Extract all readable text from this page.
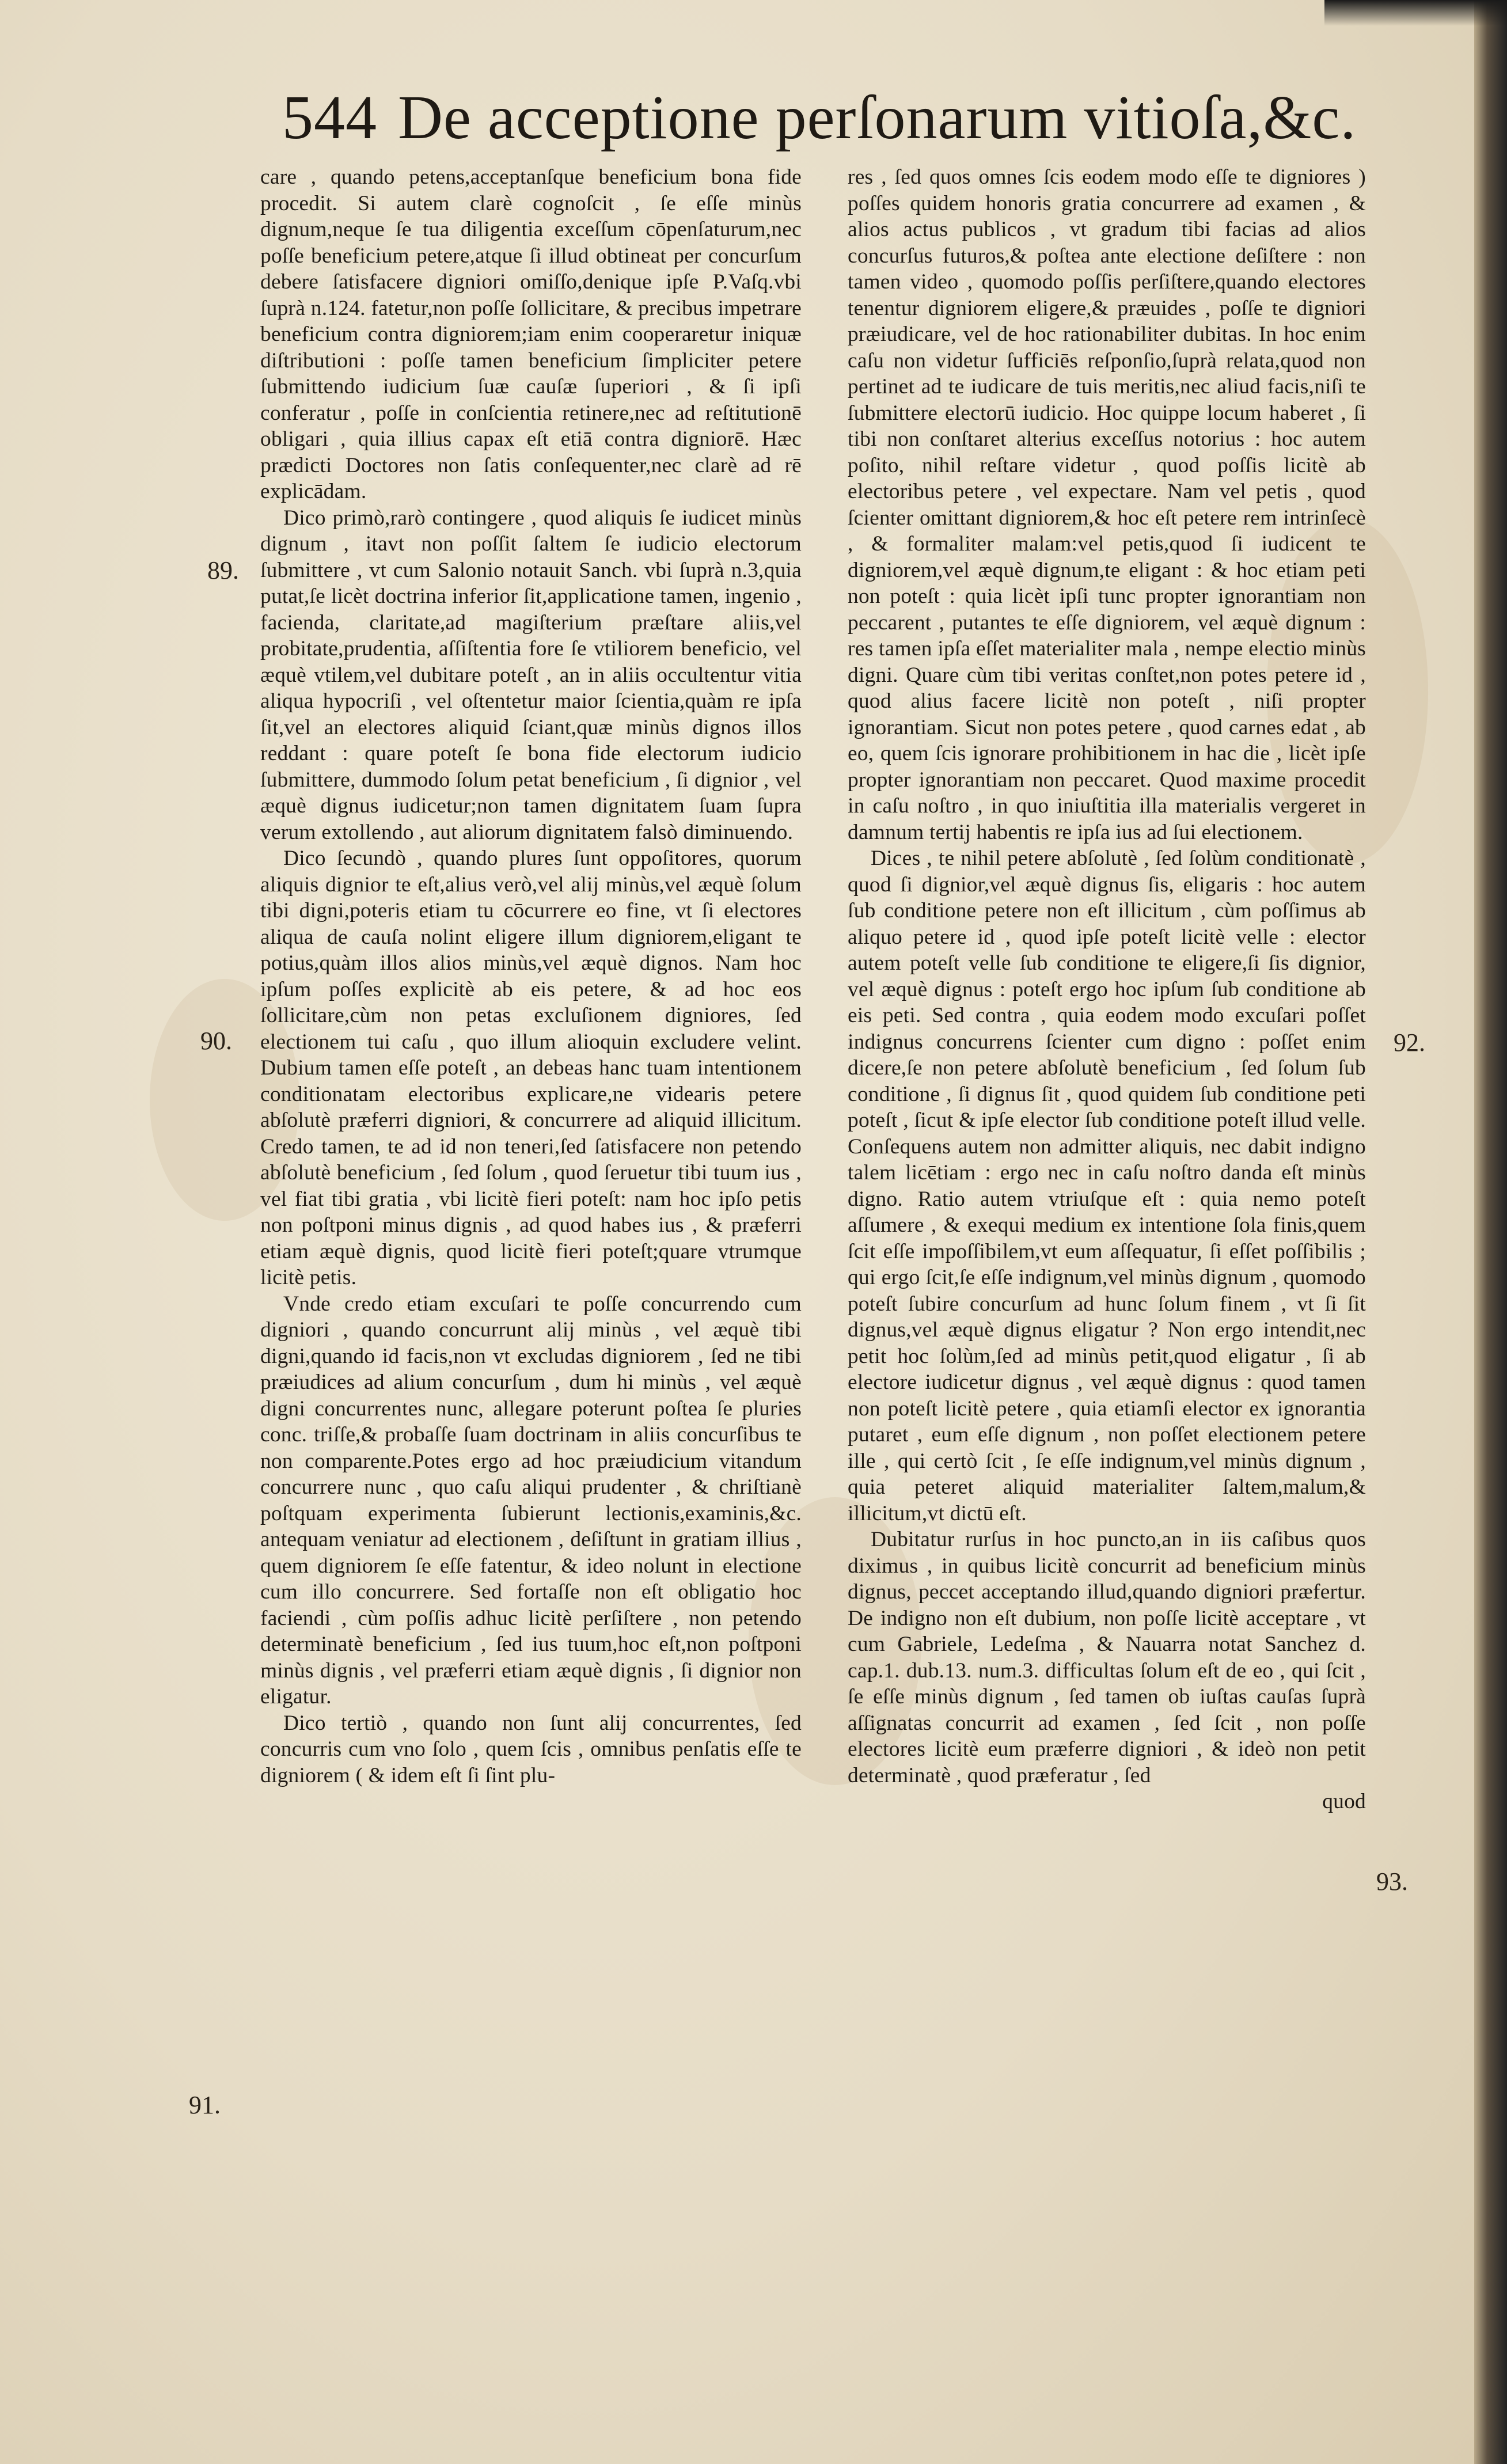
544 De acceptione perſonarum vitioſa,&c.

care , quando petens,acceptanſque beneficium bona fide procedit. Si autem clarè cognoſcit , ſe eſſe minùs dignum,neque ſe tua diligentia exceſſum cōpenſaturum,nec poſſe beneficium petere,atque ſi illud obtineat per concurſum debere ſatisfacere digniori omiſſo,denique ipſe P.Vaſq.vbi ſuprà n.124. fatetur,non poſſe ſollicitare, & precibus impetrare beneficium contra digniorem;iam enim cooperaretur iniquæ diſtributioni : poſſe tamen beneficium ſimpliciter petere ſubmittendo iudicium ſuæ cauſæ ſuperiori , & ſi ipſi conferatur , poſſe in conſcientia retinere,nec ad reſtitutionē obligari , quia illius capax eſt etiā contra digniorē. Hæc prædicti Doctores non ſatis conſequenter,nec clarè ad rē explicādam.

Dico primò,rarò contingere , quod aliquis ſe iudicet minùs dignum , itavt non poſſit ſaltem ſe iudicio electorum ſubmittere , vt cum Salonio notauit Sanch. vbi ſuprà n.3,quia putat,ſe licèt doctrina inferior ſit,applicatione tamen, ingenio , facienda, claritate,ad magiſterium præſtare aliis,vel probitate,prudentia, aſſiſtentia fore ſe vtiliorem beneficio, vel æquè vtilem,vel dubitare poteſt , an in aliis occultentur vitia aliqua hypocriſi , vel oſtentetur maior ſcientia,quàm re ipſa ſit,vel an electores aliquid ſciant,quæ minùs dignos illos reddant : quare poteſt ſe bona fide electorum iudicio ſubmittere, dummodo ſolum petat beneficium , ſi dignior , vel æquè dignus iudicetur;non tamen dignitatem ſuam ſupra verum extollendo , aut aliorum dignitatem falsò diminuendo.

Dico ſecundò , quando plures ſunt oppoſitores, quorum aliquis dignior te eſt,alius verò,vel alij minùs,vel æquè ſolum tibi digni,poteris etiam tu cōcurrere eo fine, vt ſi electores aliqua de cauſa nolint eligere illum digniorem,eligant te potius,quàm illos alios minùs,vel æquè dignos. Nam hoc ipſum poſſes explicitè ab eis petere, & ad hoc eos ſollicitare,cùm non petas excluſionem digniores, ſed electionem tui caſu , quo illum alioquin excludere velint. Dubium tamen eſſe poteſt , an debeas hanc tuam intentionem conditionatam electoribus explicare,ne videaris petere abſolutè præferri digniori, & concurrere ad aliquid illicitum. Credo tamen, te ad id non teneri,ſed ſatisfacere non petendo abſolutè beneficium , ſed ſolum , quod ſeruetur tibi tuum ius , vel fiat tibi gratia , vbi licitè fieri poteſt: nam hoc ipſo petis non poſtponi minus dignis , ad quod habes ius , & præferri etiam æquè dignis, quod licitè fieri poteſt;quare vtrumque licitè petis.

Vnde credo etiam excuſari te poſſe concurrendo cum digniori , quando concurrunt alij minùs , vel æquè tibi digni,quando id facis,non vt excludas digniorem , ſed ne tibi præiudices ad alium concurſum , dum hi minùs , vel æquè digni concurrentes nunc, allegare poterunt poſtea ſe pluries conc. triſſe,& probaſſe ſuam doctrinam in aliis concurſibus te non comparente.Potes ergo ad hoc præiudicium vitandum concurrere nunc , quo caſu aliqui prudenter , & chriſtianè poſtquam experimenta ſubierunt lectionis,examinis,&c. antequam veniatur ad electionem , deſiſtunt in gratiam illius , quem digniorem ſe eſſe fatentur, & ideo nolunt in electione cum illo concurrere. Sed fortaſſe non eſt obligatio hoc faciendi , cùm poſſis adhuc licitè perſiſtere , non petendo determinatè beneficium , ſed ius tuum,hoc eſt,non poſtponi minùs dignis , vel præferri etiam æquè dignis , ſi dignior non eligatur.

Dico tertiò , quando non ſunt alij concurrentes, ſed concurris cum vno ſolo , quem ſcis , omnibus penſatis eſſe te digniorem ( & idem eſt ſi ſint plu-

res , ſed quos omnes ſcis eodem modo eſſe te digniores ) poſſes quidem honoris gratia concurrere ad examen , & alios actus publicos , vt gradum tibi facias ad alios concurſus futuros,& poſtea ante electione deſiſtere : non tamen video , quomodo poſſis perſiſtere,quando electores tenentur digniorem eligere,& præuides , poſſe te digniori præiudicare, vel de hoc rationabiliter dubitas. In hoc enim caſu non videtur ſufficiēs reſponſio,ſuprà relata,quod non pertinet ad te iudicare de tuis meritis,nec aliud facis,niſi te ſubmittere electorū iudicio. Hoc quippe locum haberet , ſi tibi non conſtaret alterius exceſſus notorius : hoc autem poſito, nihil reſtare videtur , quod poſſis licitè ab electoribus petere , vel expectare. Nam vel petis , quod ſcienter omittant digniorem,& hoc eſt petere rem intrinſecè , & formaliter malam:vel petis,quod ſi iudicent te digniorem,vel æquè dignum,te eligant : & hoc etiam peti non poteſt : quia licèt ipſi tunc propter ignorantiam non peccarent , putantes te eſſe digniorem, vel æquè dignum : res tamen ipſa eſſet materialiter mala , nempe electio minùs digni. Quare cùm tibi veritas conſtet,non potes petere id , quod alius facere licitè non poteſt , niſi propter ignorantiam. Sicut non potes petere , quod carnes edat , ab eo, quem ſcis ignorare prohibitionem in hac die , licèt ipſe propter ignorantiam non peccaret. Quod maxime procedit in caſu noſtro , in quo iniuſtitia illa materialis vergeret in damnum tertij habentis re ipſa ius ad ſui electionem.

Dices , te nihil petere abſolutè , ſed ſolùm conditionatè , quod ſi dignior,vel æquè dignus ſis, eligaris : hoc autem ſub conditione petere non eſt illicitum , cùm poſſimus ab aliquo petere id , quod ipſe poteſt licitè velle : elector autem poteſt velle ſub conditione te eligere,ſi ſis dignior, vel æquè dignus : poteſt ergo hoc ipſum ſub conditione ab eis peti. Sed contra , quia eodem modo excuſari poſſet indignus concurrens ſcienter cum digno : poſſet enim dicere,ſe non petere abſolutè beneficium , ſed ſolum ſub conditione , ſi dignus ſit , quod quidem ſub conditione peti poteſt , ſicut & ipſe elector ſub conditione poteſt illud velle. Conſequens autem non admitter aliquis, nec dabit indigno talem licētiam : ergo nec in caſu noſtro danda eſt minùs digno. Ratio autem vtriuſque eſt : quia nemo poteſt aſſumere , & exequi medium ex intentione ſola finis,quem ſcit eſſe impoſſibilem,vt eum aſſequatur, ſi eſſet poſſibilis ; qui ergo ſcit,ſe eſſe indignum,vel minùs dignum , quomodo poteſt ſubire concurſum ad hunc ſolum finem , vt ſi ſit dignus,vel æquè dignus eligatur ? Non ergo intendit,nec petit hoc ſolùm,ſed ad minùs petit,quod eligatur , ſi ab electore iudicetur dignus , vel æquè dignus : quod tamen non poteſt licitè petere , quia etiamſi elector ex ignorantia putaret , eum eſſe dignum , non poſſet electionem petere ille , qui certò ſcit , ſe eſſe indignum,vel minùs dignum , quia peteret aliquid materialiter ſaltem,malum,& illicitum,vt dictū eſt.

Dubitatur rurſus in hoc puncto,an in iis caſibus quos diximus , in quibus licitè concurrit ad beneficium minùs dignus, peccet acceptando illud,quando digniori præfertur. De indigno non eſt dubium, non poſſe licitè acceptare , vt cum Gabriele, Ledeſma , & Nauarra notat Sanchez d. cap.1. dub.13. num.3. difficultas ſolum eſt de eo , qui ſcit , ſe eſſe minùs dignum , ſed tamen ob iuſtas cauſas ſuprà aſſignatas concurrit ad examen , ſed ſcit , non poſſe electores licitè eum præferre digniori , & ideò non petit determinatè , quod præferatur , ſed

quod

89.
90.
91.
92.
93.
